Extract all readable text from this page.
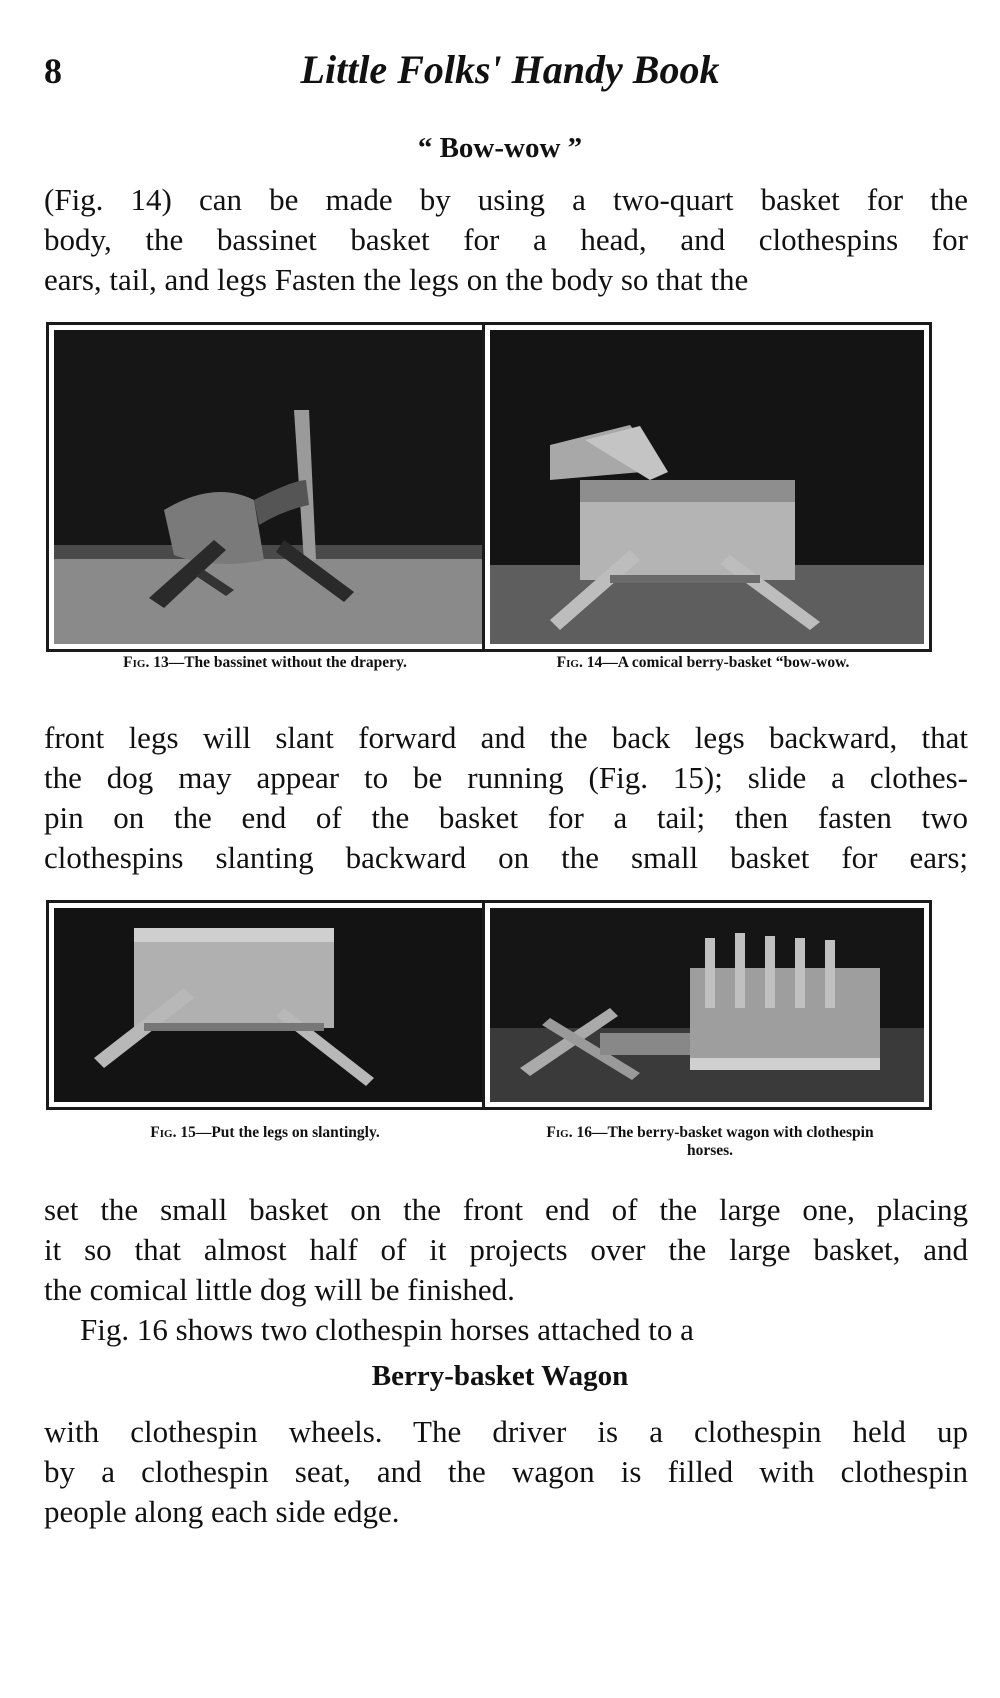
8	Little Folks' Handy Book
“ Bow-wow ”
(Fig. 14) can be made by using a two-quart basket for the
body, the bassinet basket for a head, and clothespins for
ears, tail, and legs Fasten the legs on the body so that the
Fig. 13—The bassinet without the drapery.	Fig. 14—A comical berry-basket “bow-wow.
front legs will slant forward and the back legs backward, that
the dog may appear to be running (Fig. 15); slide a clothes-
pin on the end of the basket for a tail; then fasten two
clothespins slanting backward on the small basket for ears;
Fig. 15—Put the legs on slantingly.	Fig. 16—The berry-basket wagon with clothespin horses.
set the small basket on the front end of the large one, placing
it so that almost half of it projects over the large basket, and
the comical little dog will be finished.
Fig. 16 shows two clothespin horses attached to a
Berry-basket Wagon
with clothespin wheels. The driver is a clothespin held up
by a clothespin seat, and the wagon is filled with clothespin
people along each side edge.
